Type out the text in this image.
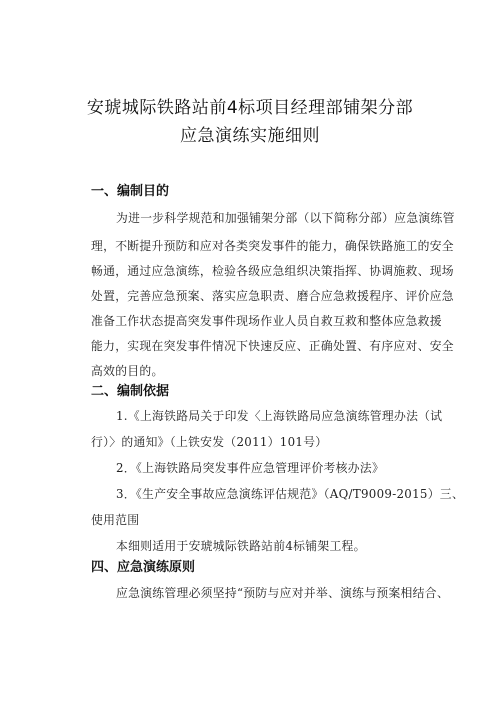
安琥城际铁路站前4标项目经理部铺架分部
应急演练实施细则
一、编制目的
为进一步科学规范和加强铺架分部（以下简称分部）应急演练管
理，不断提升预防和应对各类突发事件的能力，确保铁路施工的安全
畅通，通过应急演练，检验各级应急组织决策指挥、协调施救、现场
处置，完善应急预案、落实应急职责、磨合应急救援程序、评价应急
准备工作状态提高突发事件现场作业人员自救互救和整体应急救援
能力，实现在突发事件情况下快速反应、正确处置、有序应对、安全
高效的目的。
二、编制依据
1.《上海铁路局关于印发〈上海铁路局应急演练管理办法（试
行）〉的通知》（上铁安发（2011）101号）
2．《上海铁路局突发事件应急管理评价考核办法》
3．《生产安全事故应急演练评估规范》（AQ/T9009-2015）三、
使用范围
本细则适用于安琥城际铁路站前4标铺架工程。
四、应急演练原则
应急演练管理必须坚持“预防与应对并举、演练与预案相结合、
